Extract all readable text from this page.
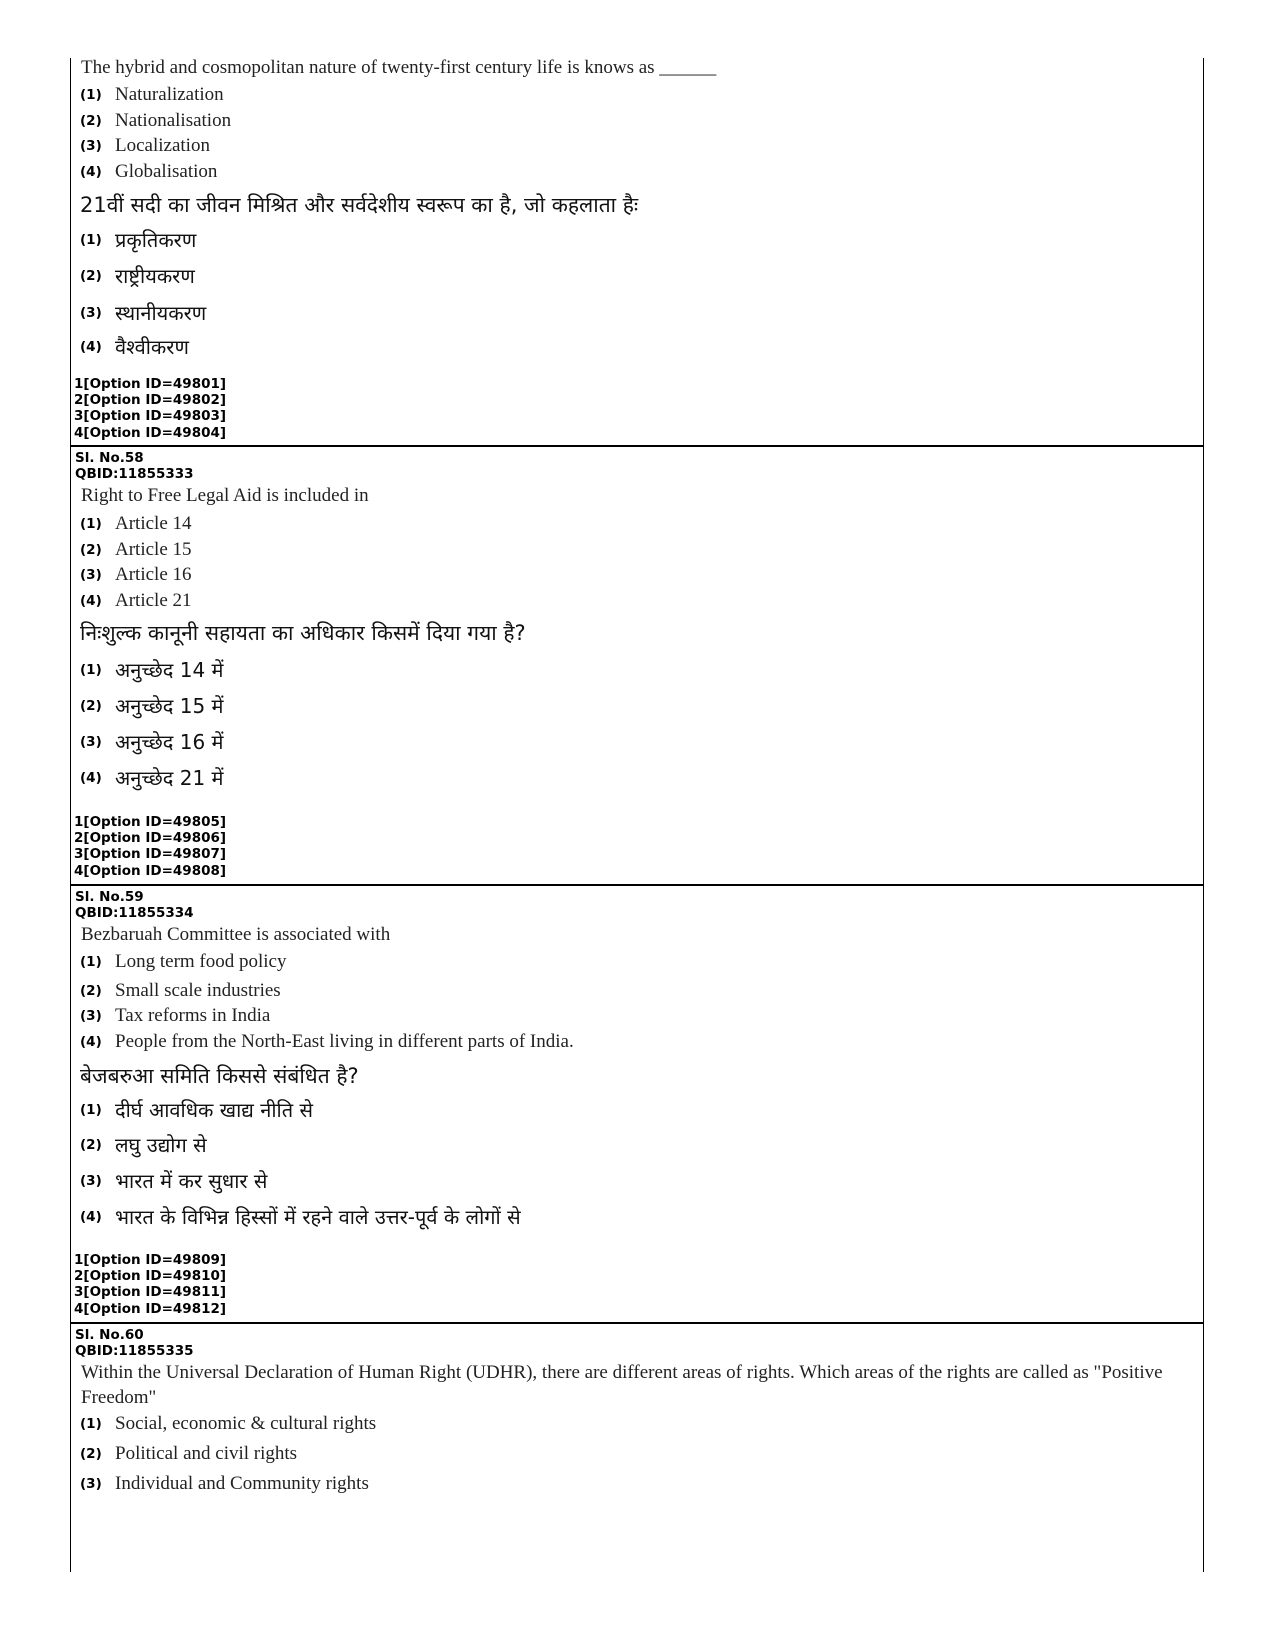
The hybrid and cosmopolitan nature of twenty-first century life is knows as ______
(1) Naturalization
(2) Nationalisation
(3) Localization
(4) Globalisation
21वीं सदी का जीवन मिश्रित और सर्वदेशीय स्वरूप का है, जो कहलाता हैः
(1) प्रकृतिकरण
(2) राष्ट्रीयकरण
(3) स्थानीयकरण
(4) वैश्वीकरण
1[Option ID=49801]
2[Option ID=49802]
3[Option ID=49803]
4[Option ID=49804]
Sl. No.58
QBID:11855333
Right to Free Legal Aid is included in
(1) Article 14
(2) Article 15
(3) Article 16
(4) Article 21
निःशुल्क कानूनी सहायता का अधिकार किसमें दिया गया है?
(1) अनुच्छेद 14 में
(2) अनुच्छेद 15 में
(3) अनुच्छेद 16 में
(4) अनुच्छेद 21 में
1[Option ID=49805]
2[Option ID=49806]
3[Option ID=49807]
4[Option ID=49808]
Sl. No.59
QBID:11855334
Bezbaruah Committee is associated with
(1) Long term food policy
(2) Small scale industries
(3) Tax reforms in India
(4) People from the North-East living in different parts of India.
बेजबरुआ समिति किससे संबंधित है?
(1) दीर्घ आवधिक खाद्य नीति से
(2) लघु उद्योग से
(3) भारत में कर सुधार से
(4) भारत के विभिन्न हिस्सों में रहने वाले उत्तर-पूर्व के लोगों से
1[Option ID=49809]
2[Option ID=49810]
3[Option ID=49811]
4[Option ID=49812]
Sl. No.60
QBID:11855335
Within the Universal Declaration of Human Right (UDHR), there are different areas of rights. Which areas of the rights are called as "Positive Freedom"
(1) Social, economic & cultural rights
(2) Political and civil rights
(3) Individual and Community rights
